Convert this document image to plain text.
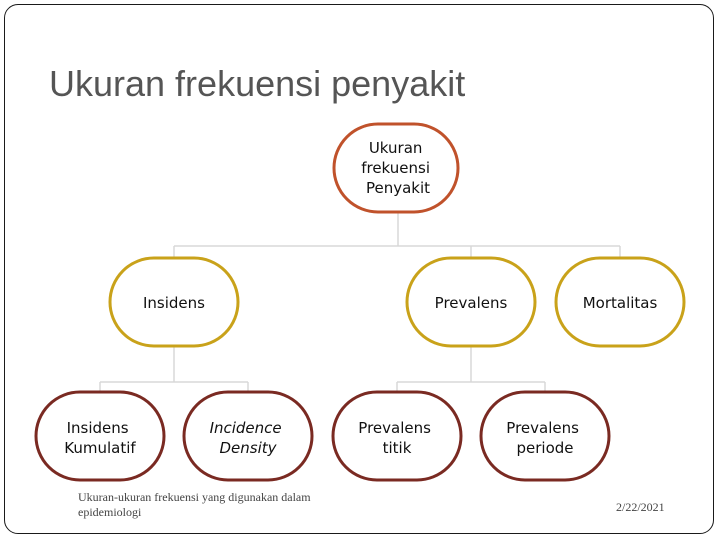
Ukuran frekuensi penyakit
Ukuran frekuensi Penyakit
Insidens	Prevalens	Mortalitas
Insidens Kumulatif
Incidence Density
Prevalens titik
Prevalens periode
Ukuran-ukuran frekuensi yang digunakan dalam epidemiologi	2/22/2021
